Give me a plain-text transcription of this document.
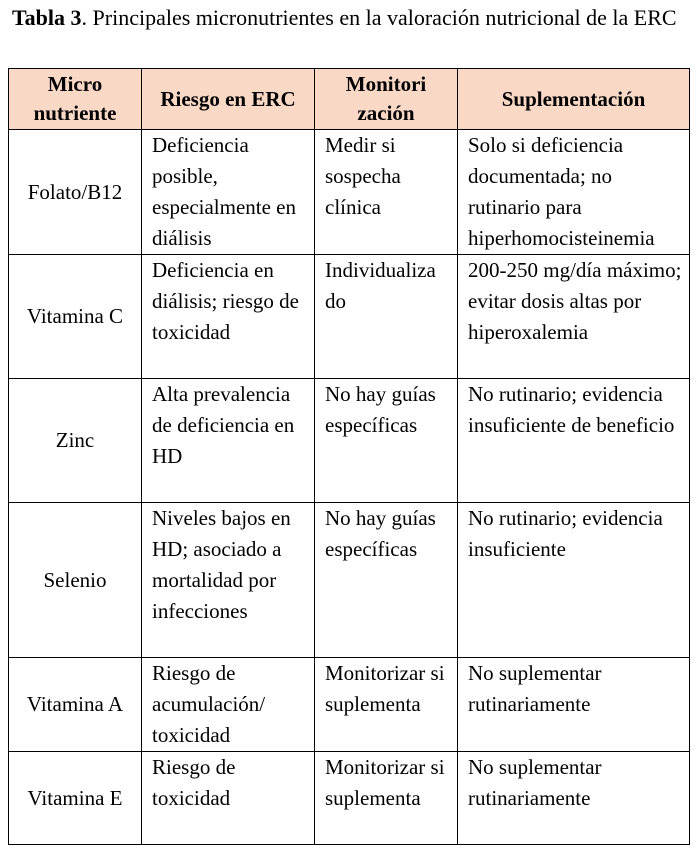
Tabla 3. Principales micronutrientes en la valoración nutricional de la ERC
Micro nutriente	Riesgo en ERC	Monitori zación	Suplementación
Folato/B12	Deficiencia posible, especialmente en diálisis	Medir si sospecha clínica	Solo si deficiencia documentada; no rutinario para hiperhomocisteinemia
Vitamina C	Deficiencia en diálisis; riesgo de toxicidad	Individualiza do	200-250 mg/día máximo; evitar dosis altas por hiperoxalemia
Zinc	Alta prevalencia de deficiencia en HD	No hay guías específicas	No rutinario; evidencia insuficiente de beneficio
Selenio	Niveles bajos en HD; asociado a mortalidad por infecciones	No hay guías específicas	No rutinario; evidencia insuficiente
Vitamina A	Riesgo de acumulación/ toxicidad	Monitorizar si suplementa	No suplementar rutinariamente
Vitamina E	Riesgo de toxicidad	Monitorizar si suplementa	No suplementar rutinariamente
